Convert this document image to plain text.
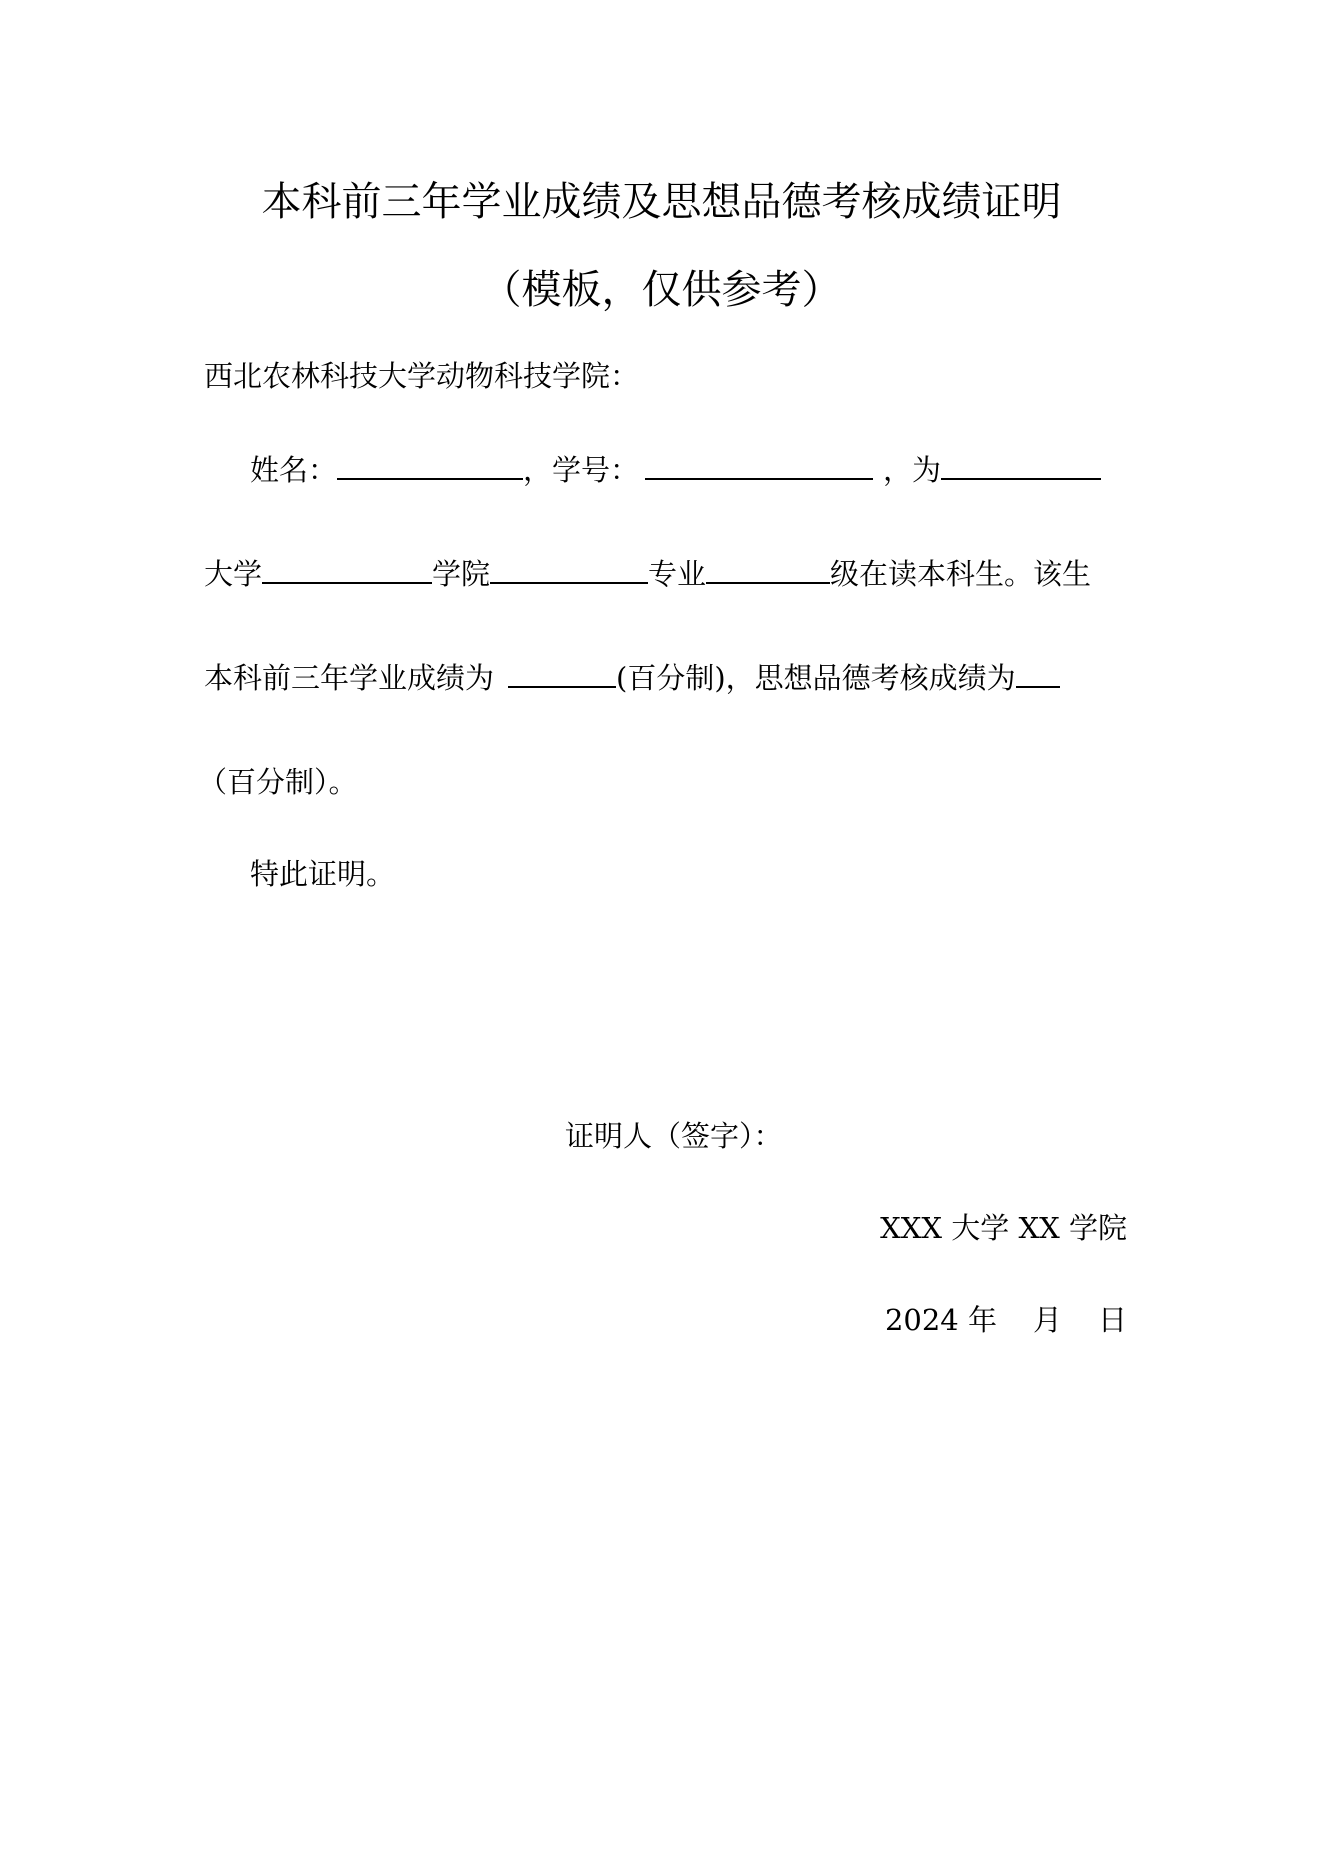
本科前三年学业成绩及思想品德考核成绩证明
（模板，仅供参考）
西北农林科技大学动物科技学院：
姓名：	，学号：	，为
大学	学院	专业	级在读本科生。该生
本科前三年学业成绩为	(百分制)，思想品德考核成绩为
（百分制）。
特此证明。
证明人（签字）：
XXX 大学 XX 学院
2024 年 月 日
